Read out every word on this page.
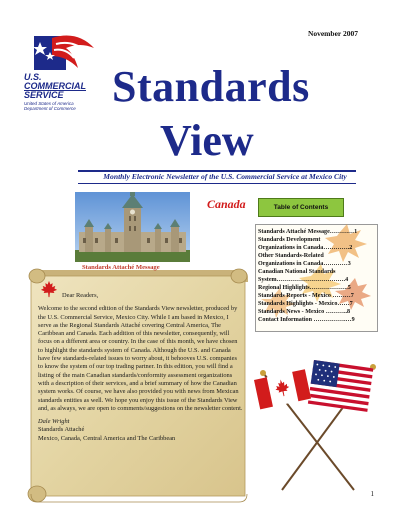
November 2007
U.S.
COMMERCIAL
SERVICE
United States of America
Department of Commerce Standards
View
Monthly Electronic Newsletter of the U.S. Commercial Service at Mexico City
Canada	Table of Contents
Standards Attaché Message…………1
Standards Development
Organizations in Canada………….2
Other Standards-Related
Organizations in Canada…………3
Canadian National Standards
System…………………………….4
Regional Highlights……………….5
Standards Reports - Mexico ………7
Standards Highlights - Mexico……7
Standards News - Mexico ………..8
Contact Information …………….…9
Standards Attaché Message

Dear Readers,

Welcome to the second edition of the Standards View newsletter, produced by the U.S. Commercial Service, Mexico City. While I am based in Mexico, I serve as the Regional Standards Attaché covering Central America, The Caribbean and Canada. Each addition of this newsletter, consequently, will focus on a different area or country. In the case of this month, we have chosen to highlight the standards system of Canada. Although the U.S. and Canada have few standards-related issues to worry about, it behooves U.S. companies to know the system of our top trading partner. In this edition, you will find a listing of the main Canadian standards/conformity assessment organizations with a description of their services, and a brief summary of how the Canadian system works. Of course, we have also provided you with news from Mexican standards entities as well. We hope you enjoy this issue of the Standards View and, as always, we are open to comments/suggestions on the newsletter content.

Dale Wright
Standards Attaché
Mexico, Canada, Central America and The Caribbean
1
